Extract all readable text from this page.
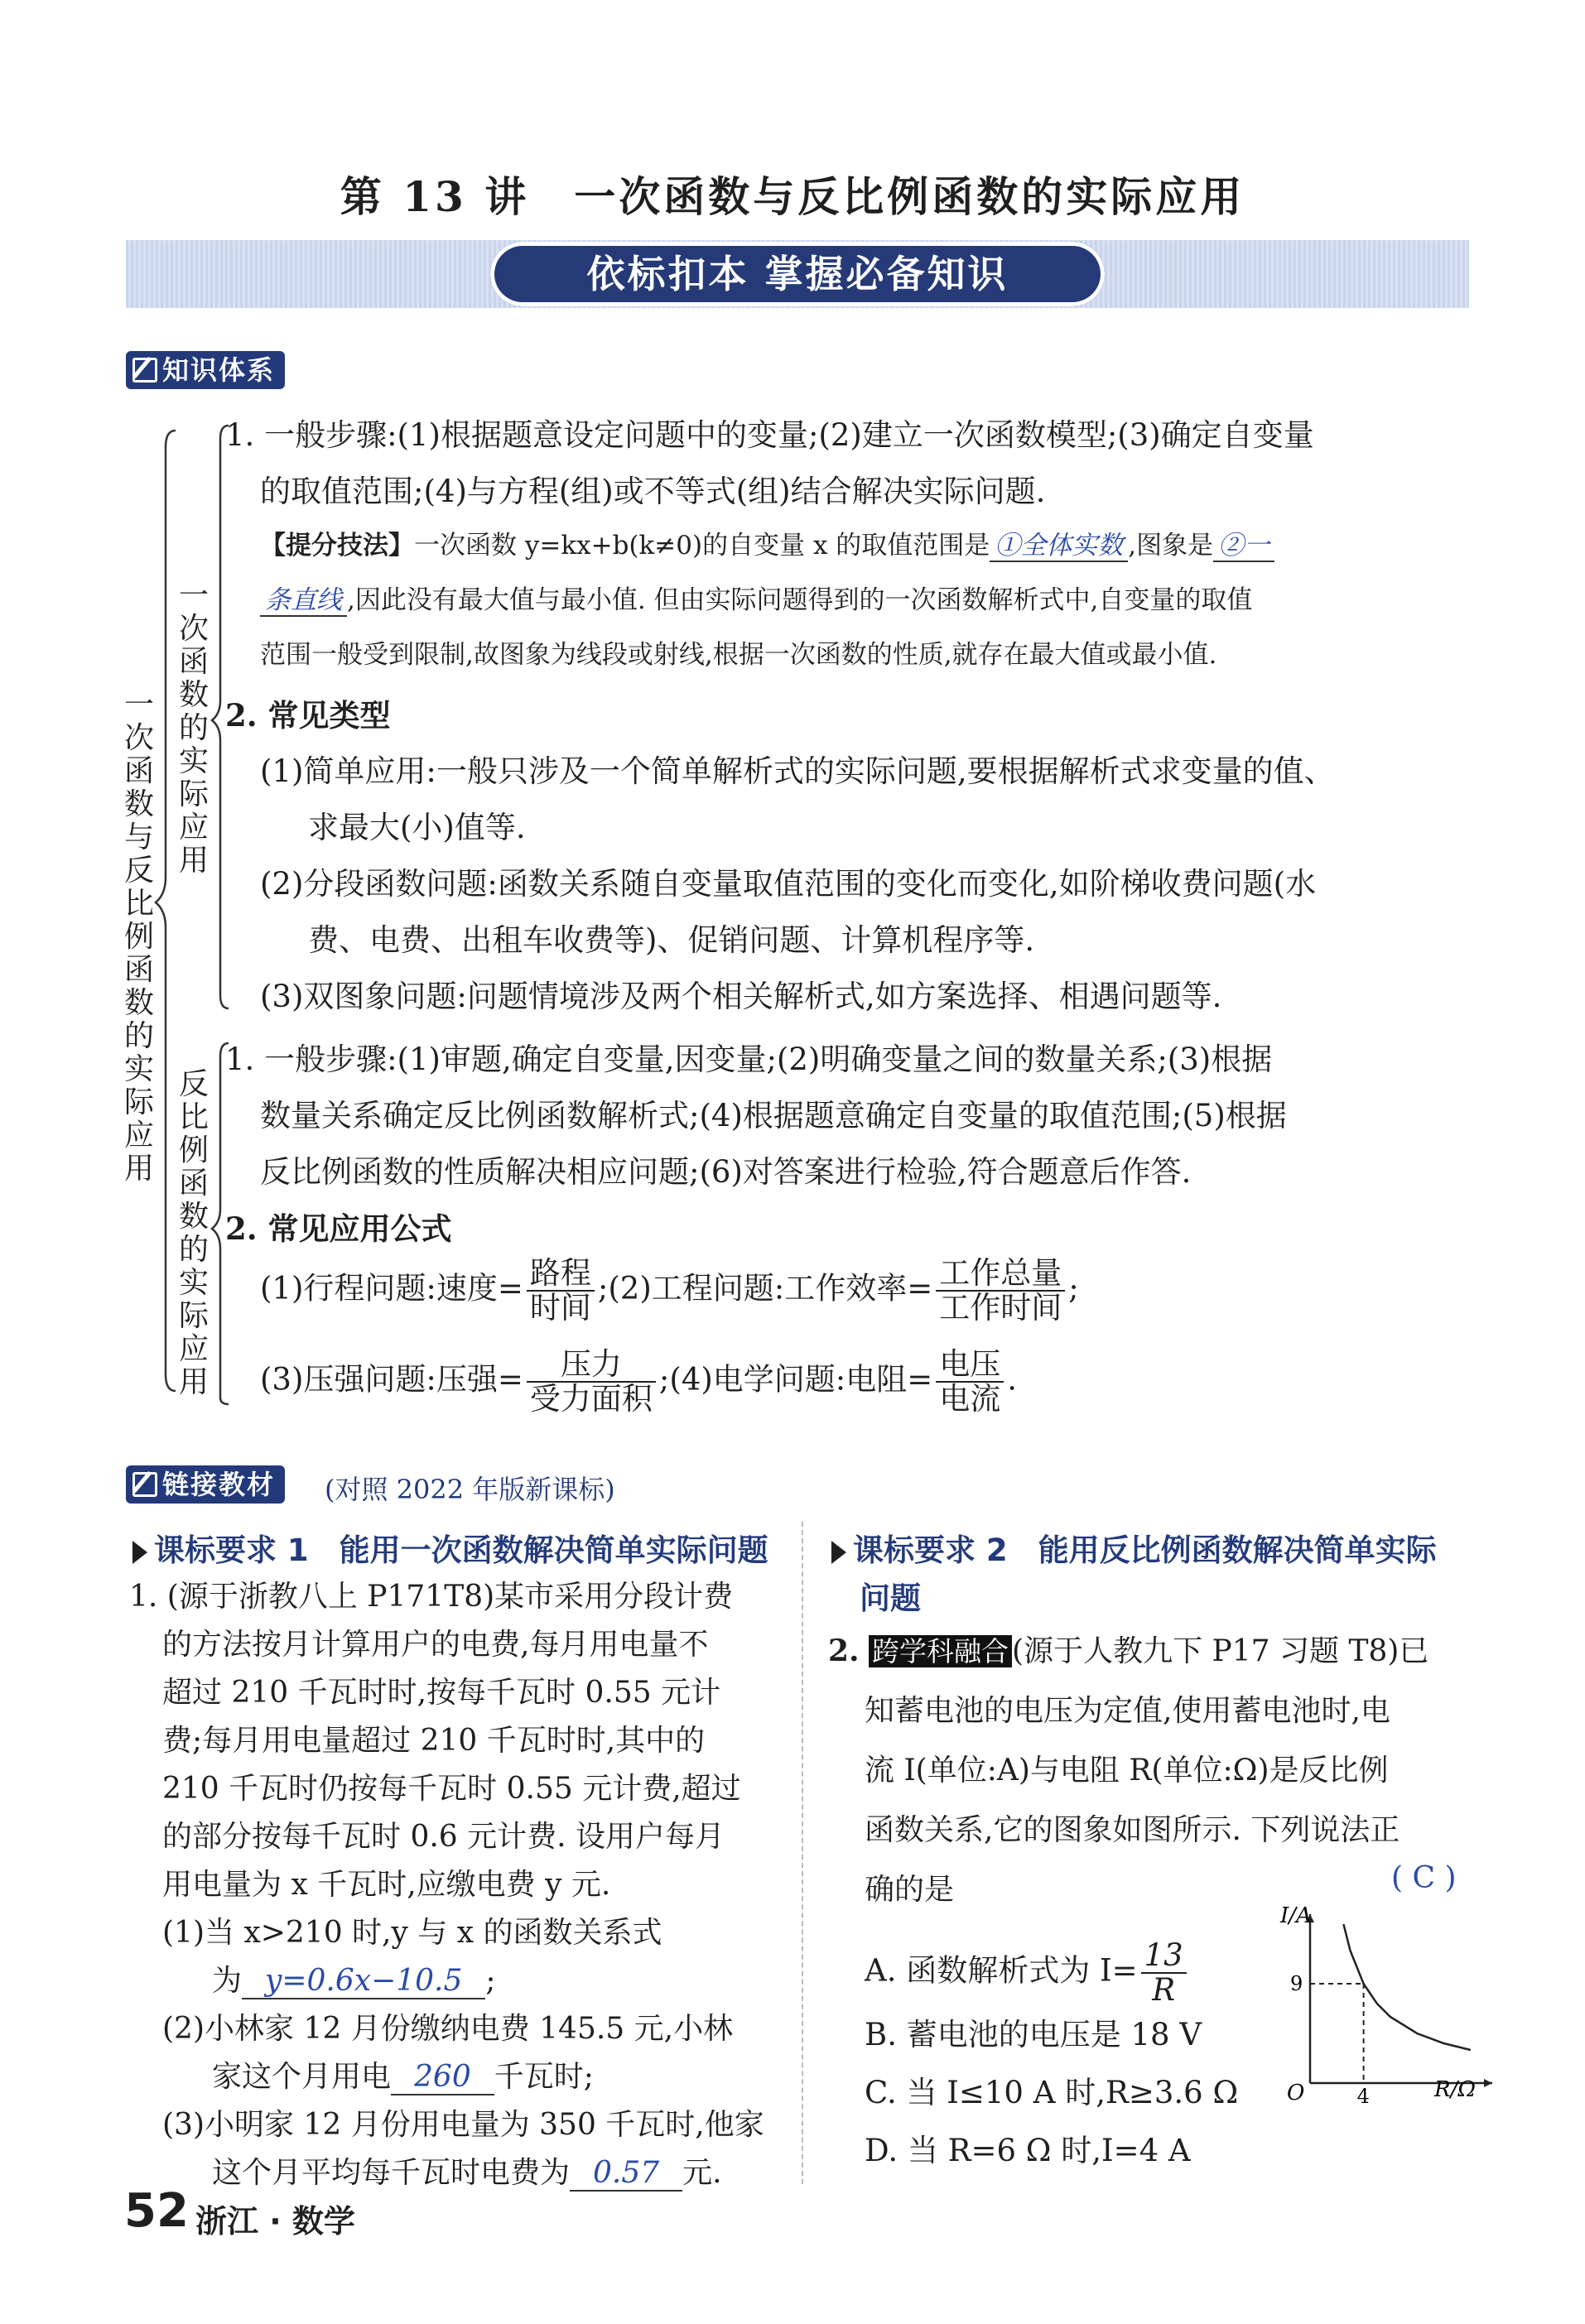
第 13 讲　一次函数与反比例函数的实际应用
依标扣本 掌握必备知识
知识体系
一次函数与反比例函数的实际应用
一次函数的实际应用
反比例函数的实际应用
1. 一般步骤:(1)根据题意设定问题中的变量;(2)建立一次函数模型;(3)确定自变量
的取值范围;(4)与方程(组)或不等式(组)结合解决实际问题.
【提分技法】一次函数 y=kx+b(k≠0)的自变量 x 的取值范围是 ①全体实数 ,图象是 ②一
条直线 ,因此没有最大值与最小值. 但由实际问题得到的一次函数解析式中,自变量的取值
范围一般受到限制,故图象为线段或射线,根据一次函数的性质,就存在最大值或最小值.
2. 常见类型
(1)简单应用:一般只涉及一个简单解析式的实际问题,要根据解析式求变量的值、
求最大(小)值等.
(2)分段函数问题:函数关系随自变量取值范围的变化而变化,如阶梯收费问题(水
费、电费、出租车收费等)、促销问题、计算机程序等.
(3)双图象问题:问题情境涉及两个相关解析式,如方案选择、相遇问题等.
1. 一般步骤:(1)审题,确定自变量,因变量;(2)明确变量之间的数量关系;(3)根据
数量关系确定反比例函数解析式;(4)根据题意确定自变量的取值范围;(5)根据
反比例函数的性质解决相应问题;(6)对答案进行检验,符合题意后作答.
2. 常见应用公式
(1)行程问题:速度= $\frac{\text{路程}}{\text{时间}}$ ;(2)工程问题:工作效率= $\frac{\text{工作总量}}{\text{工作时间}}$ ;
(3)压强问题:压强= $\frac{\text{压力}}{\text{受力面积}}$ ;(4)电学问题:电阻= $\frac{\text{电压}}{\text{电流}}$ .
链接教材	(对照 2022 年版新课标)
课标要求 1　能用一次函数解决简单实际问题
1. (源于浙教八上 P171T8)某市采用分段计费
的方法按月计算用户的电费,每月用电量不
超过 210 千瓦时时,按每千瓦时 0.55 元计
费;每月用电量超过 210 千瓦时时,其中的
210 千瓦时仍按每千瓦时 0.55 元计费,超过
的部分按每千瓦时 0.6 元计费. 设用户每月
用电量为 x 千瓦时,应缴电费 y 元.
(1)当 x>210 时,y 与 x 的函数关系式
为 y=0.6x−10.5 ;
(2)小林家 12 月份缴纳电费 145.5 元,小林
家这个月用电 260 千瓦时;
(3)小明家 12 月份用电量为 350 千瓦时,他家
这个月平均每千瓦时电费为 0.57 元.
课标要求 2　能用反比例函数解决简单实际
问题
2. 跨学科融合 (源于人教九下 P17 习题 T8)已
知蓄电池的电压为定值,使用蓄电池时,电
流 I(单位:A)与电阻 R(单位:Ω)是反比例
函数关系,它的图象如图所示. 下列说法正
确的是	( C )
A. 函数解析式为 $I= \frac{13}{R}$
B. 蓄电池的电压是 18 V
C. 当 I≤10 A 时,R≥3.6 Ω
D. 当 R=6 Ω 时,I=4 A
I/A
R/Ω
O
9
4
52 浙江 · 数学
